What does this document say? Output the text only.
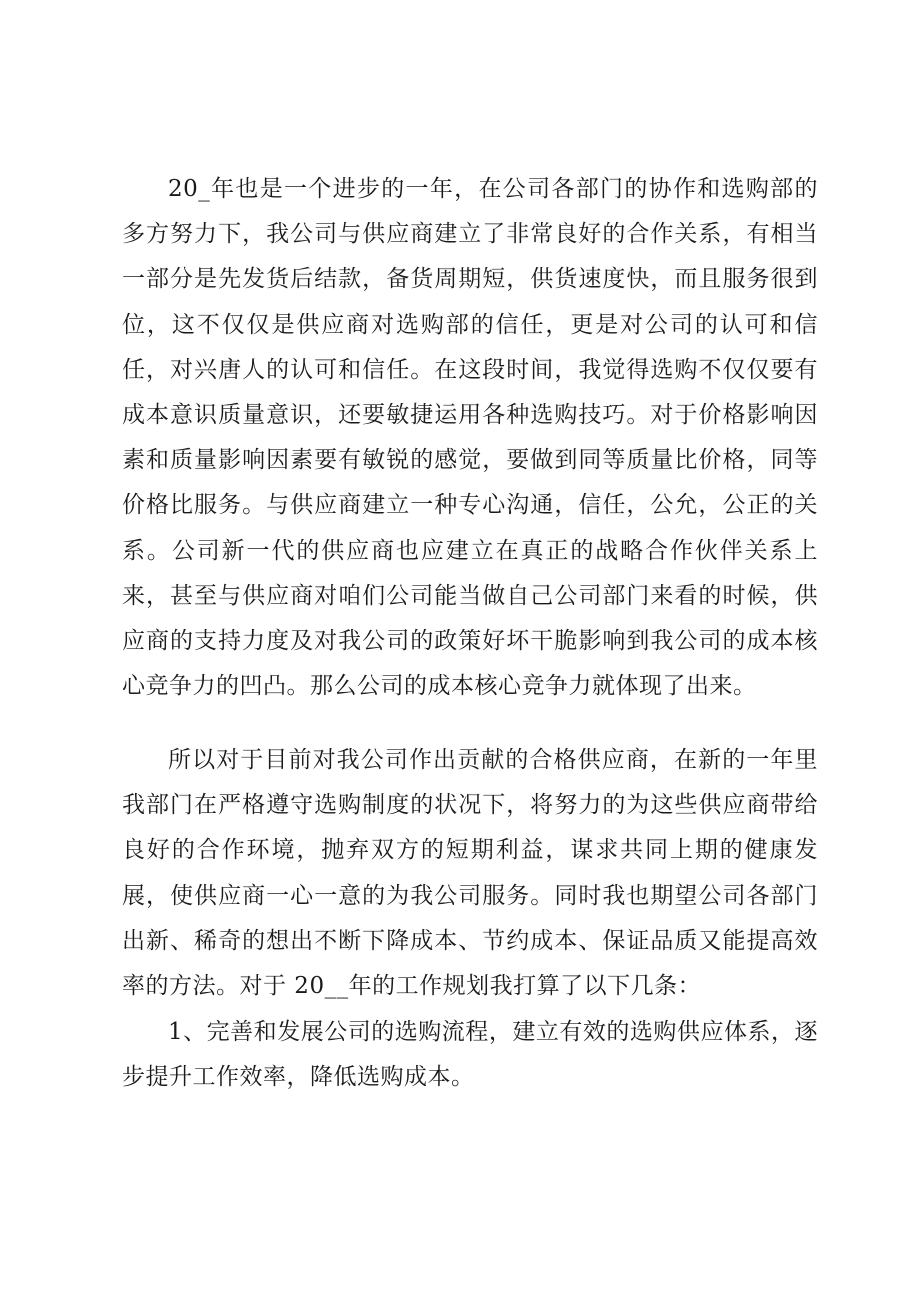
20_年也是一个进步的一年，在公司各部门的协作和选购部的多方努力下，我公司与供应商建立了非常良好的合作关系，有相当一部分是先发货后结款，备货周期短，供货速度快，而且服务很到位，这不仅仅是供应商对选购部的信任，更是对公司的认可和信任，对兴唐人的认可和信任。在这段时间，我觉得选购不仅仅要有成本意识质量意识，还要敏捷运用各种选购技巧。对于价格影响因素和质量影响因素要有敏锐的感觉，要做到同等质量比价格，同等价格比服务。与供应商建立一种专心沟通，信任，公允，公正的关系。公司新一代的供应商也应建立在真正的战略合作伙伴关系上来，甚至与供应商对咱们公司能当做自己公司部门来看的时候，供应商的支持力度及对我公司的政策好坏干脆影响到我公司的成本核心竞争力的凹凸。那么公司的成本核心竞争力就体现了出来。

所以对于目前对我公司作出贡献的合格供应商，在新的一年里我部门在严格遵守选购制度的状况下，将努力的为这些供应商带给良好的合作环境，抛弃双方的短期利益，谋求共同上期的健康发展，使供应商一心一意的为我公司服务。同时我也期望公司各部门出新、稀奇的想出不断下降成本、节约成本、保证品质又能提高效率的方法。对于 20__年的工作规划我打算了以下几条：

1、完善和发展公司的选购流程，建立有效的选购供应体系，逐步提升工作效率，降低选购成本。
